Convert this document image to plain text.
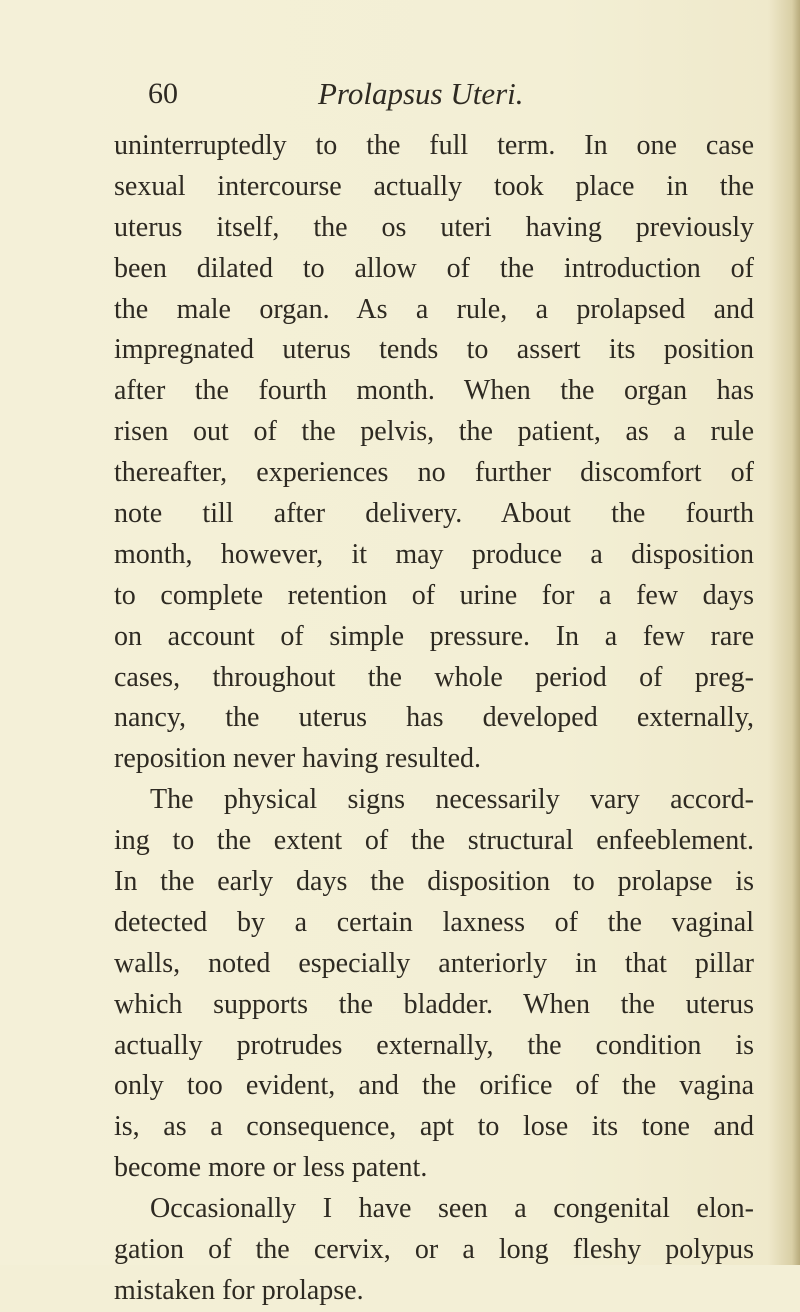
60	Prolapsus Uteri.
uninterruptedly to the full term. In one case
sexual intercourse actually took place in the
uterus itself, the os uteri having previously
been dilated to allow of the introduction of
the male organ. As a rule, a prolapsed and
impregnated uterus tends to assert its position
after the fourth month. When the organ has
risen out of the pelvis, the patient, as a rule
thereafter, experiences no further discomfort of
note till after delivery. About the fourth
month, however, it may produce a disposition
to complete retention of urine for a few days
on account of simple pressure. In a few rare
cases, throughout the whole period of preg-
nancy, the uterus has developed externally,
reposition never having resulted.
The physical signs necessarily vary accord-
ing to the extent of the structural enfeeblement.
In the early days the disposition to prolapse is
detected by a certain laxness of the vaginal
walls, noted especially anteriorly in that pillar
which supports the bladder. When the uterus
actually protrudes externally, the condition is
only too evident, and the orifice of the vagina
is, as a consequence, apt to lose its tone and
become more or less patent.
Occasionally I have seen a congenital elon-
gation of the cervix, or a long fleshy polypus
mistaken for prolapse.
